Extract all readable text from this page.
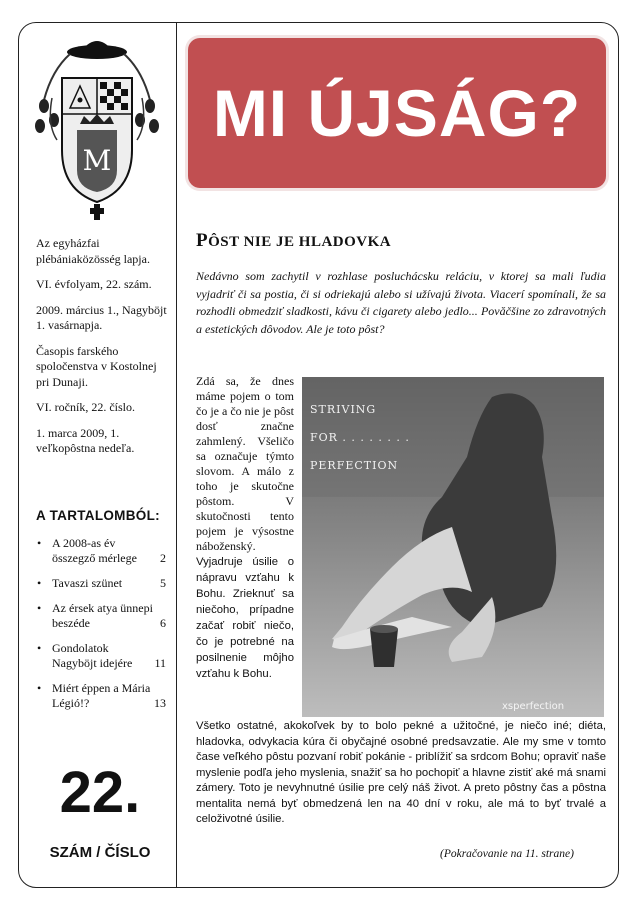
M

Az egyházfai plébániaközösség lapja.

VI. évfolyam, 22. szám.

2009. március 1., Nagyböjt 1. vasárnapja.

Časopis farského spoločenstva v Kostolnej pri Dunaji.

VI. ročník, 22. číslo.

1. marca 2009, 1. veľkopôstna nedeľa.

A TARTALOMBÓL:
• A 2008-as év összegző mérlege	2
• Tavaszi szünet	5
• Az érsek atya ünnepi beszéde	6
• Gondolatok Nagyböjt idejére	11
• Miért éppen a Mária Légió!?	13
22.
SZÁM / ČÍSLO
MI ÚJSÁG?
PÔST NIE JE HLADOVKA
Nedávno som zachytil v rozhlase posluchácsku reláciu, v ktorej sa mali ľudia vyjadriť či sa postia, či si odriekajú alebo si užívajú života. Viacerí spomínali, že sa rozhodli obmedziť sladkosti, kávu či cigarety alebo jedlo... Povăčšine zo zdravotných a estetických dôvodov. Ale je toto pôst?
Zdá sa, že dnes máme pojem o tom čo je a čo nie je pôst dosť značne zahmlený. Všeličo sa označuje týmto slovom. A málo z toho je skutočne pôstom. V skutočnosti tento pojem je výsostne náboženský. Vyjadruje úsilie o nápravu vzťahu k Bohu. Zrieknuť sa niečoho, prípadne začať robiť niečo, čo je potrebné na posilnenie môjho vzťahu k Bohu.
STRIVING
FOR . . . . . . . .
PERFECTION
xsperfection
Všetko ostatné, akokoľvek by to bolo pekné a užitočné, je niečo iné; diéta, hladovka, odvykacia kúra či obyčajné osobné predsavzatie. Ale my sme v tomto čase veľkého pôstu pozvaní robiť pokánie - priblížiť sa srdcom Bohu; opraviť naše myslenie podľa jeho myslenia, snažiť sa ho pochopiť a hlavne zistiť aké má snami zámery. Toto je nevyhnutné úsilie pre celý náš život. A preto pôstny čas a pôstna mentalita nemá byť obmedzená len na 40 dní v roku, ale má to byť trvalé a celoživotné úsilie.
(Pokračovanie na 11. strane)
